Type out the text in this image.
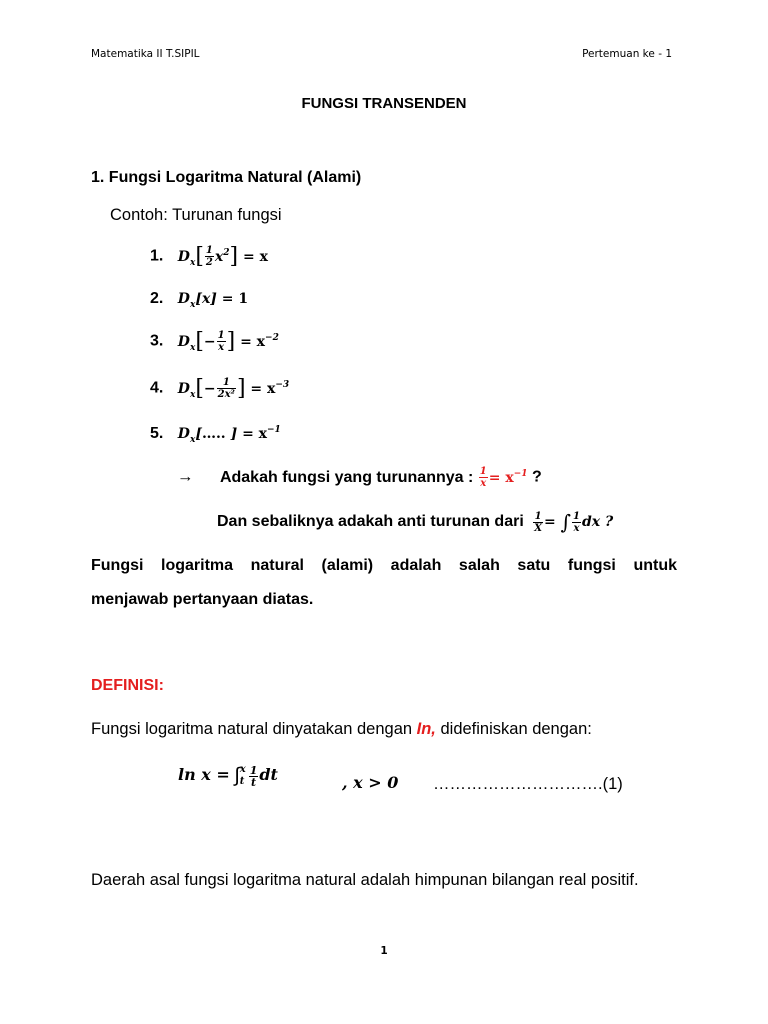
Matematika II T.SIPIL	Pertemuan ke - 1
FUNGSI TRANSENDEN
1. Fungsi Logaritma Natural (Alami)
Contoh: Turunan fungsi
1. $D_x[ \frac{1}{2} x^2] = x$
2. $D_x[x] = 1$
3. $D_x[- \frac{1}{x}$ ] = $x^{-2}$
4. $D_x[- \frac{1}{\text{2x²}}$ ] = $x^{-3}$
5. $D_x[\dots$.. ] = $x^{-1}$
→ Adakah fungsi yang turunannya : $\frac{1}{x} = x^{-1}$ ?
Dan sebaliknya adakah anti turunan dari $\frac{1}{X}$ = ∫ $\frac{1}{x}$ dx ?
Fungsi logaritma natural (alami) adalah salah satu fungsi untuk
menjawab pertanyaan diatas.
DEFINISI:
Fungsi logaritma natural dinyatakan dengan In, didefiniskan dengan:
ln x = ∫ x
t $\frac{1}{t}$ dt	, x > 0 ………………………….(1)
Daerah asal fungsi logaritma natural adalah himpunan bilangan real positif.
1
